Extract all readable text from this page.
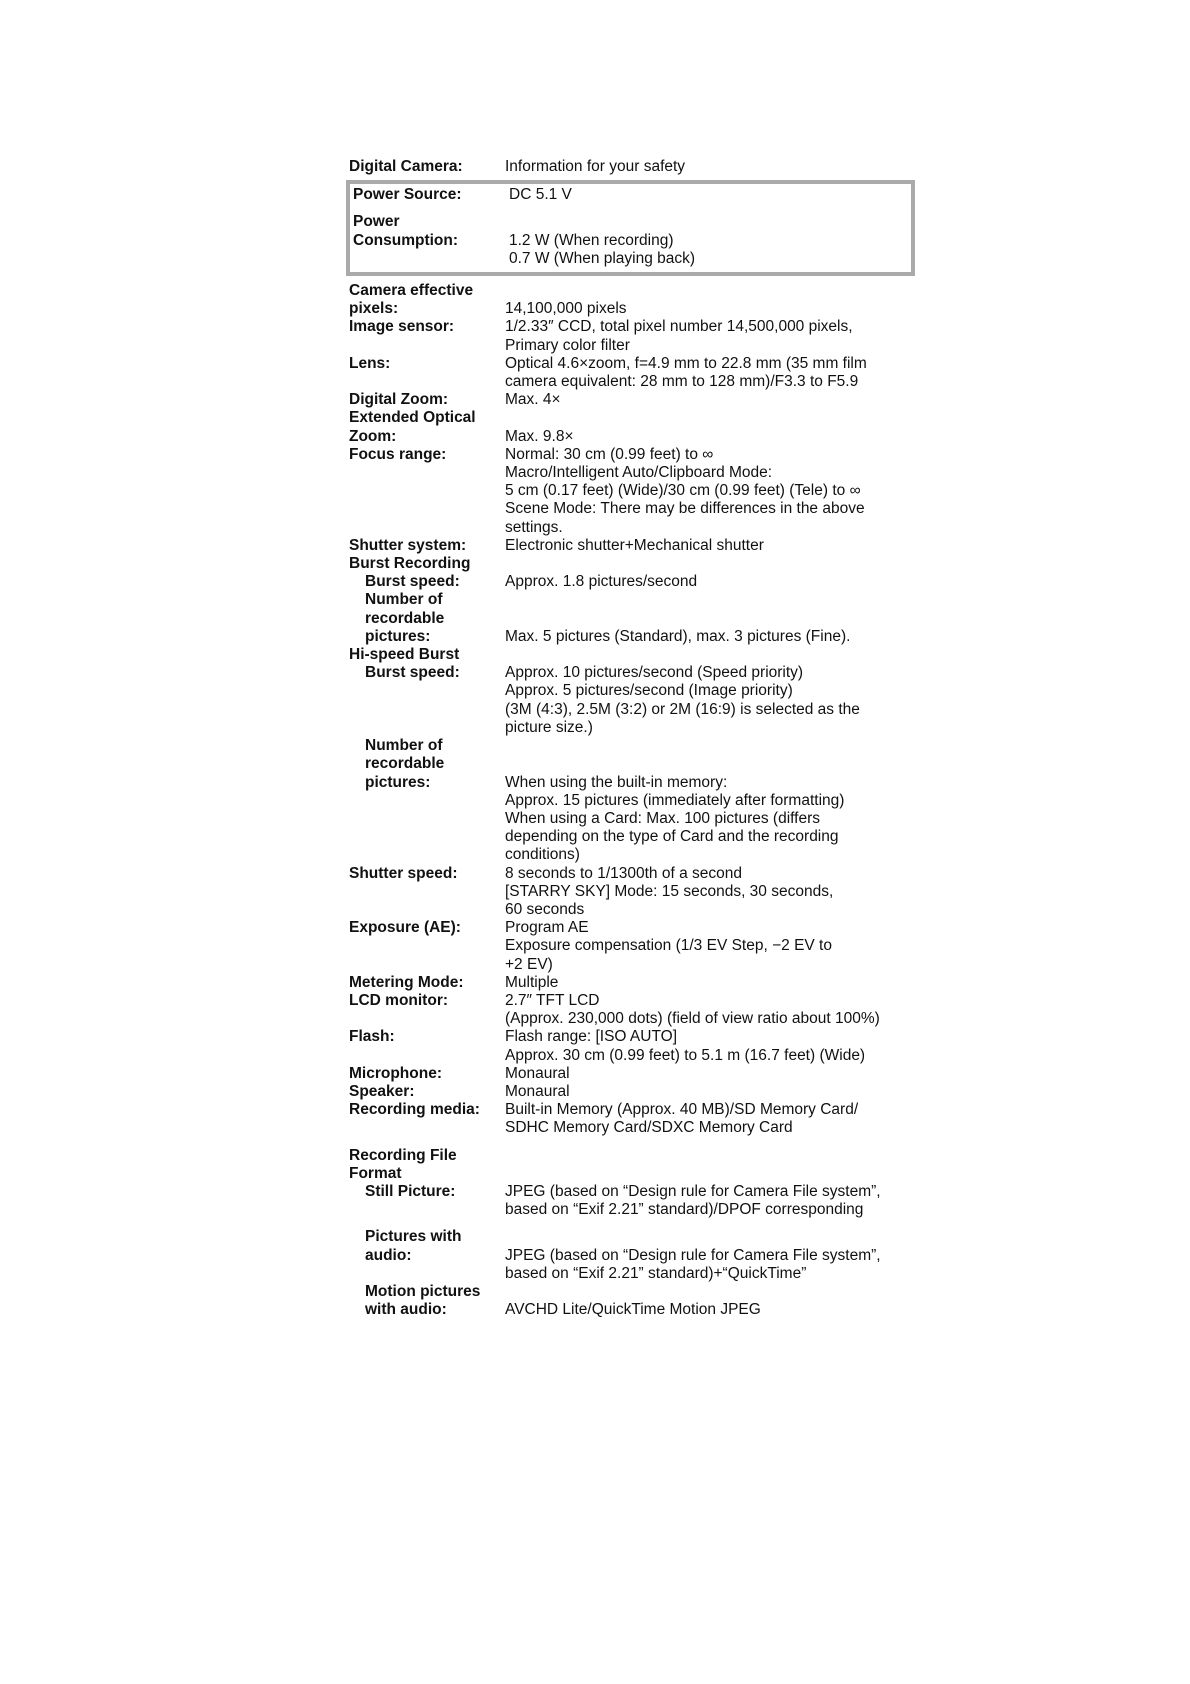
Digital Camera:	Information for your safety
Power Source:	DC 5.1 V
Power
Consumption:
	1.2 W (When recording)
0.7 W (When playing back)
Camera effective
pixels:
	14,100,000 pixels
Image sensor:	1/2.33″ CCD, total pixel number 14,500,000 pixels,
Primary color filter
Lens:	Optical 4.6×zoom, f=4.9 mm to 22.8 mm (35 mm film
camera equivalent: 28 mm to 128 mm)/F3.3 to F5.9
Digital Zoom:	Max. 4×
Extended Optical
Zoom:
	Max. 9.8×
Focus range:	Normal: 30 cm (0.99 feet) to ∞
Macro/Intelligent Auto/Clipboard Mode:
5 cm (0.17 feet) (Wide)/30 cm (0.99 feet) (Tele) to ∞
Scene Mode: There may be differences in the above
settings.
Shutter system:	Electronic shutter+Mechanical shutter
Burst Recording
Burst speed:	Approx. 1.8 pictures/second
Number of
recordable
pictures:

	Max. 5 pictures (Standard), max. 3 pictures (Fine).
Hi-speed Burst
Burst speed:	Approx. 10 pictures/second (Speed priority)
Approx. 5 pictures/second (Image priority)
(3M (4:3), 2.5M (3:2) or 2M (16:9) is selected as the
picture size.)
Number of
recordable
pictures:

	When using the built-in memory:
Approx. 15 pictures (immediately after formatting)
When using a Card: Max. 100 pictures (differs
depending on the type of Card and the recording
conditions)
Shutter speed:	8 seconds to 1/1300th of a second
[STARRY SKY] Mode: 15 seconds, 30 seconds,
60 seconds
Exposure (AE):	Program AE
Exposure compensation (1/3 EV Step, −2 EV to
+2 EV)
Metering Mode:	Multiple
LCD monitor:	2.7″ TFT LCD
(Approx. 230,000 dots) (field of view ratio about 100%)
Flash:	Flash range: [ISO AUTO]
Approx. 30 cm (0.99 feet) to 5.1 m (16.7 feet) (Wide)
Microphone:	Monaural
Speaker:	Monaural
Recording media:	Built-in Memory (Approx. 40 MB)/SD Memory Card/
SDHC Memory Card/SDXC Memory Card
Recording File
Format
Still Picture:	JPEG (based on “Design rule for Camera File system”,
based on “Exif 2.21” standard)/DPOF corresponding
Pictures with
audio:
	JPEG (based on “Design rule for Camera File system”,
based on “Exif 2.21” standard)+“QuickTime”
Motion pictures
with audio:
	AVCHD Lite/QuickTime Motion JPEG
